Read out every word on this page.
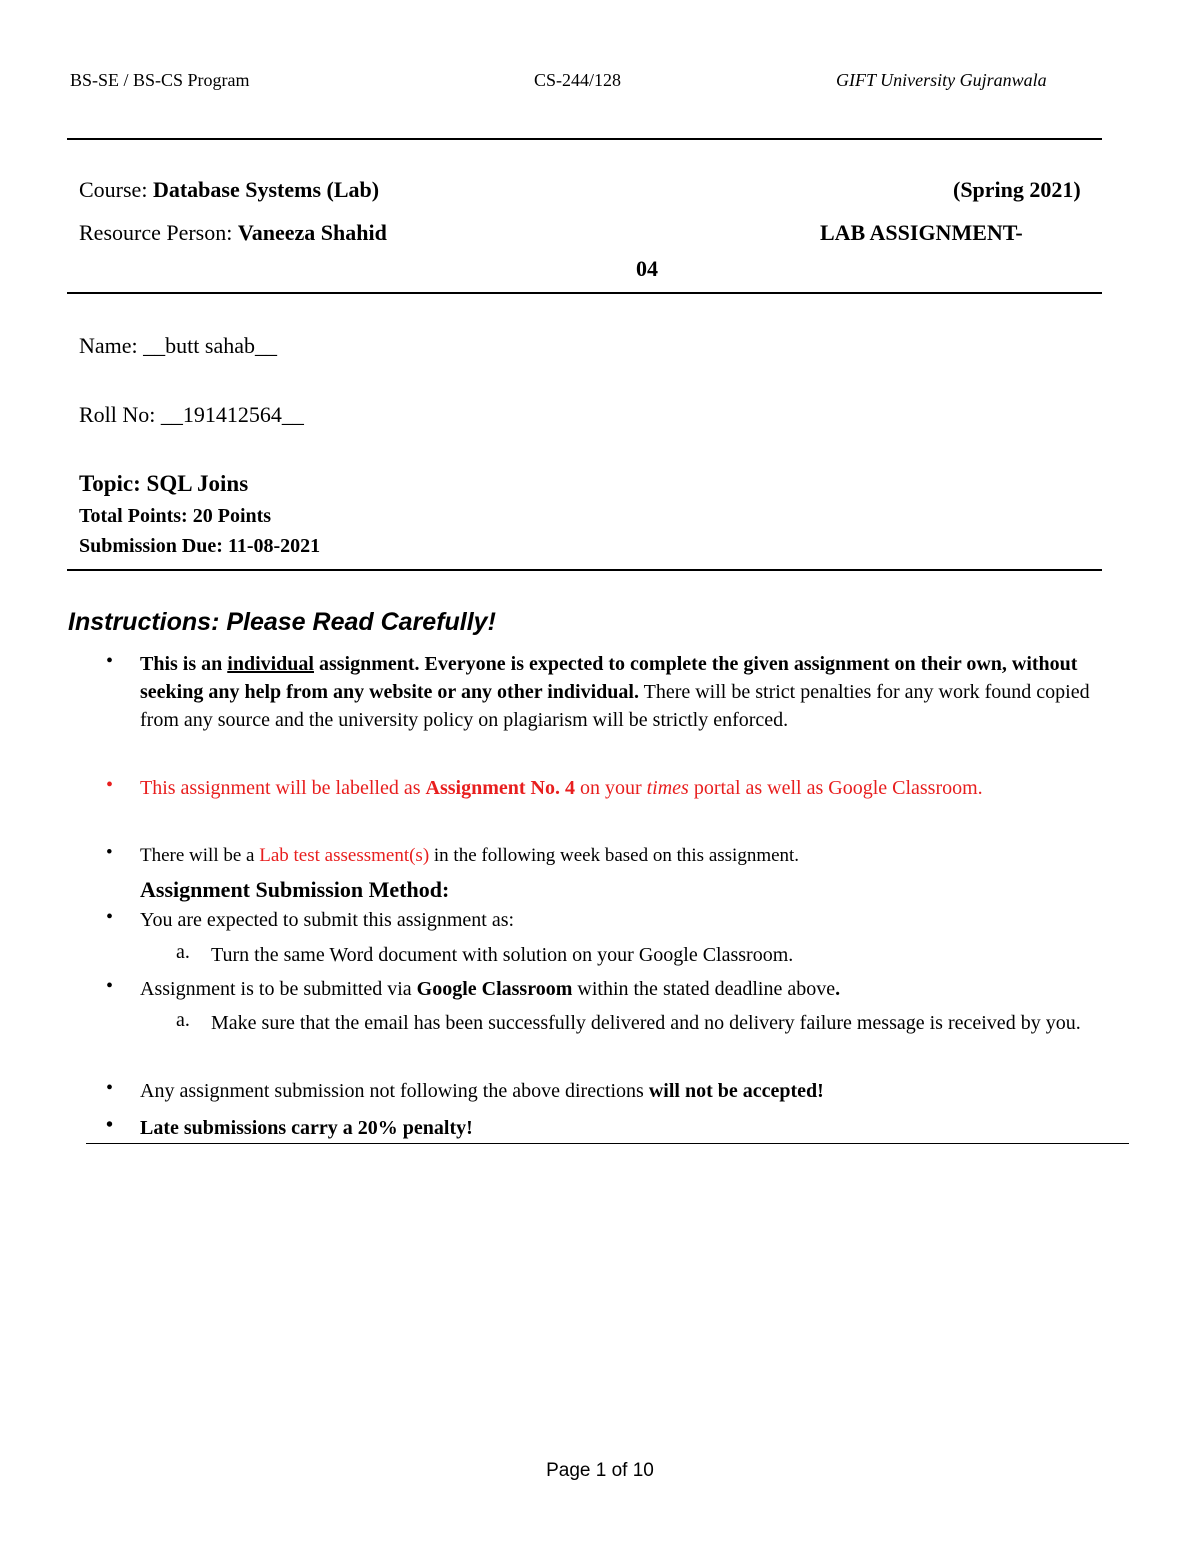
BS-SE / BS-CS Program	CS-244/128	GIFT University Gujranwala
Course: Database Systems (Lab)	(Spring 2021)
Resource Person: Vaneeza Shahid	LAB ASSIGNMENT-
04
Name: __butt sahab__
Roll No: __191412564__
Topic: SQL Joins
Total Points: 20 Points
Submission Due: 11-08-2021
Instructions: Please Read Carefully!
• This is an individual assignment. Everyone is expected to complete the given assignment on their own, without seeking any help from any website or any other individual. There will be strict penalties for any work found copied from any source and the university policy on plagiarism will be strictly enforced.
• This assignment will be labelled as Assignment No. 4 on your times portal as well as Google Classroom.
• There will be a Lab test assessment(s) in the following week based on this assignment.
Assignment Submission Method:
• You are expected to submit this assignment as:
a. Turn the same Word document with solution on your Google Classroom.
• Assignment is to be submitted via Google Classroom within the stated deadline above.
a. Make sure that the email has been successfully delivered and no delivery failure message is received by you.
• Any assignment submission not following the above directions will not be accepted!
• Late submissions carry a 20% penalty!
Page 1 of 10
